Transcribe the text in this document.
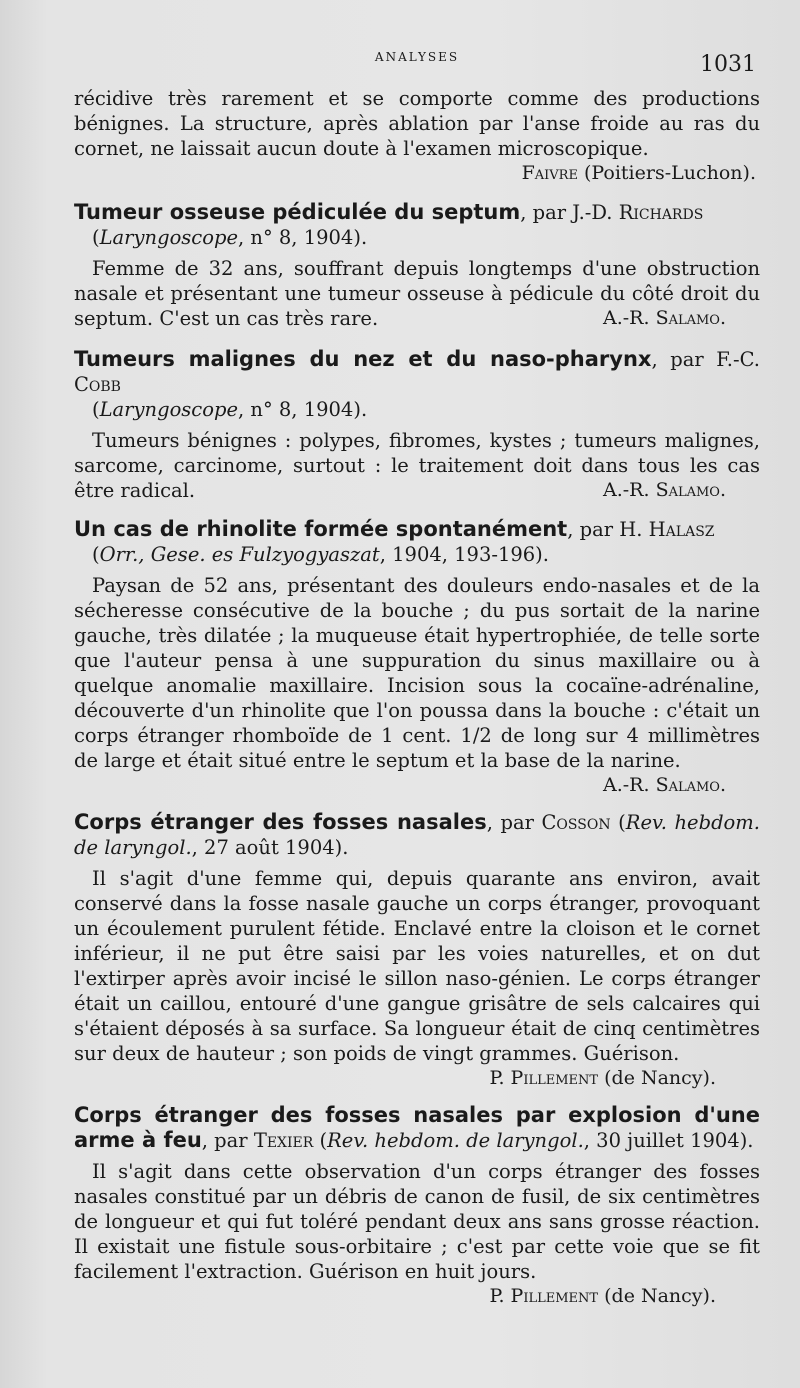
ANALYSES	1031

récidive très rarement et se comporte comme des productions bénignes. La structure, après ablation par l'anse froide au ras du cornet, ne laissait aucun doute à l'examen microscopique.

Faivre (Poitiers-Luchon).

Tumeur osseuse pédiculée du septum, par J.-D. Richards
(Laryngoscope, n° 8, 1904).

Femme de 32 ans, souffrant depuis longtemps d'une obstruction nasale et présentant une tumeur osseuse à pédicule du côté droit du septum. C'est un cas très rare.	A.-R. Salamo.

Tumeurs malignes du nez et du naso-pharynx, par F.-C. Cobb
(Laryngoscope, n° 8, 1904).

Tumeurs bénignes : polypes, fibromes, kystes ; tumeurs malignes, sarcome, carcinome, surtout : le traitement doit dans tous les cas être radical.	A.-R. Salamo.

Un cas de rhinolite formée spontanément, par H. Halasz
(Orr., Gese. es Fulzyogyaszat, 1904, 193-196).

Paysan de 52 ans, présentant des douleurs endo-nasales et de la sécheresse consécutive de la bouche ; du pus sortait de la narine gauche, très dilatée ; la muqueuse était hypertrophiée, de telle sorte que l'auteur pensa à une suppuration du sinus maxillaire ou à quelque anomalie maxillaire. Incision sous la cocaïne-adrénaline, découverte d'un rhinolite que l'on poussa dans la bouche : c'était un corps étranger rhomboïde de 1 cent. 1/2 de long sur 4 millimètres de large et était situé entre le septum et la base de la narine.

A.-R. Salamo.

Corps étranger des fosses nasales, par Cosson (Rev. hebdom. de laryngol., 27 août 1904).

Il s'agit d'une femme qui, depuis quarante ans environ, avait conservé dans la fosse nasale gauche un corps étranger, provoquant un écoulement purulent fétide. Enclavé entre la cloison et le cornet inférieur, il ne put être saisi par les voies naturelles, et on dut l'extirper après avoir incisé le sillon naso-génien. Le corps étranger était un caillou, entouré d'une gangue grisâtre de sels calcaires qui s'étaient déposés à sa surface. Sa longueur était de cinq centimètres sur deux de hauteur ; son poids de vingt grammes. Guérison.

P. Pillement (de Nancy).

Corps étranger des fosses nasales par explosion d'une arme à feu, par Texier (Rev. hebdom. de laryngol., 30 juillet 1904).

Il s'agit dans cette observation d'un corps étranger des fosses nasales constitué par un débris de canon de fusil, de six centimètres de longueur et qui fut toléré pendant deux ans sans grosse réaction. Il existait une fistule sous-orbitaire ; c'est par cette voie que se fit facilement l'extraction. Guérison en huit jours.

P. Pillement (de Nancy).
